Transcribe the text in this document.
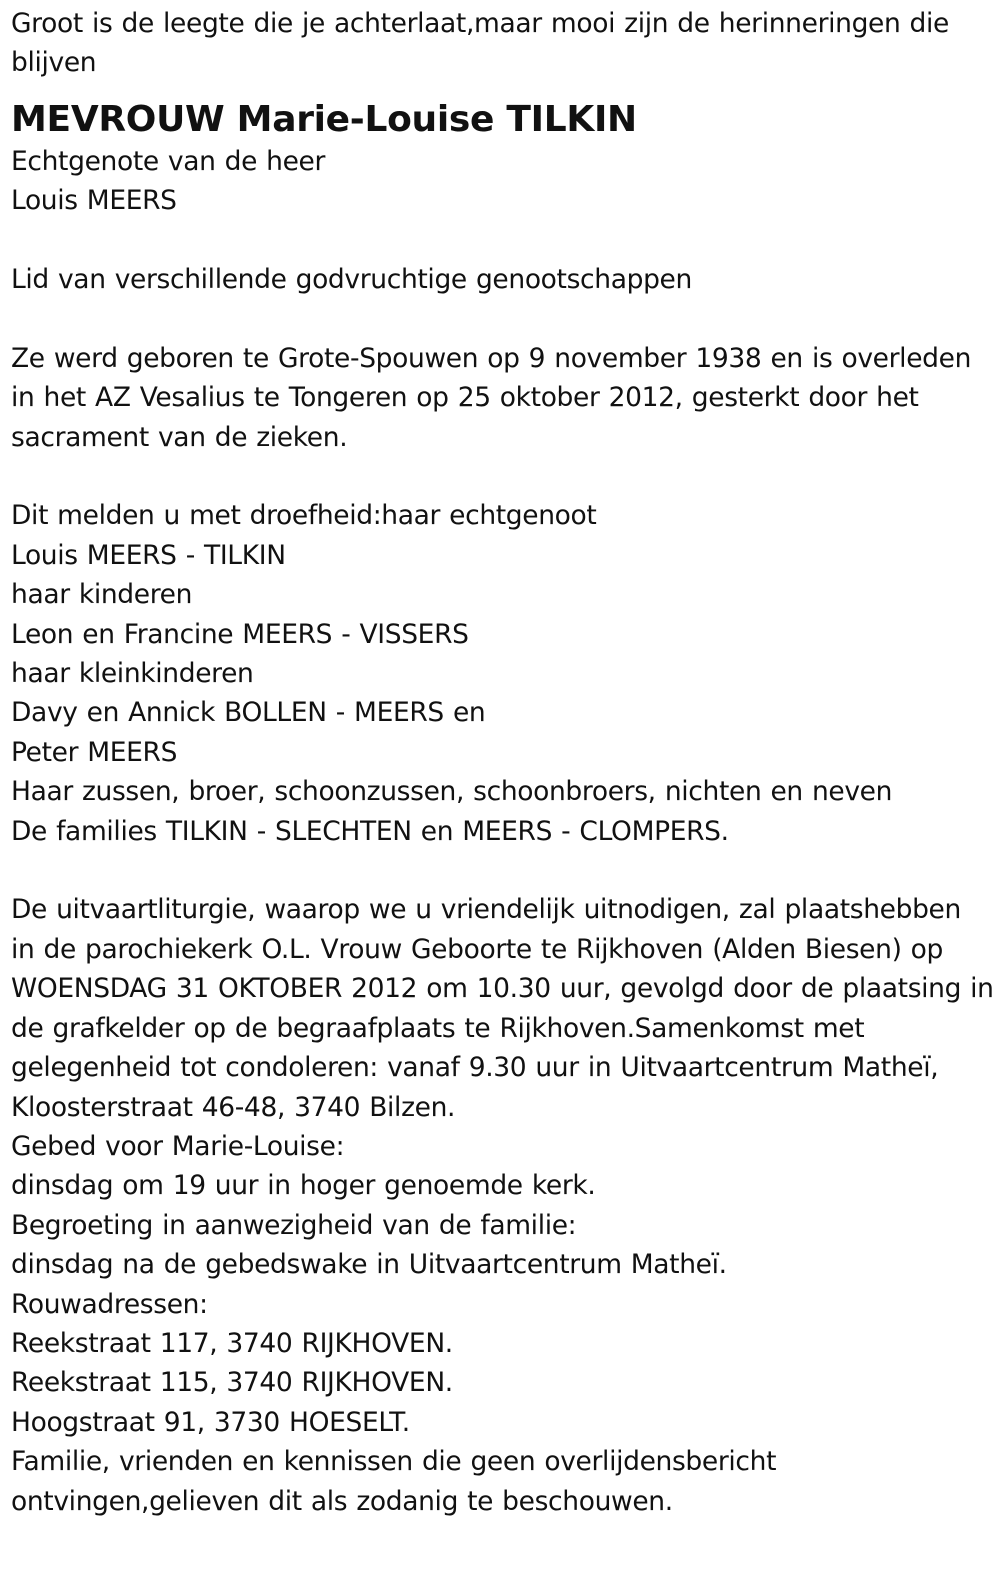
Groot is de leegte die je achterlaat,maar mooi zijn de herinneringen die
blijven
MEVROUW Marie-Louise TILKIN
Echtgenote van de heer
Louis MEERS
Lid van verschillende godvruchtige genootschappen
Ze werd geboren te Grote-Spouwen op 9 november 1938 en is overleden
in het AZ Vesalius te Tongeren op 25 oktober 2012, gesterkt door het
sacrament van de zieken.
Dit melden u met droefheid:haar echtgenoot
Louis MEERS - TILKIN
haar kinderen
Leon en Francine MEERS - VISSERS
haar kleinkinderen
Davy en Annick BOLLEN - MEERS en
Peter MEERS
Haar zussen, broer, schoonzussen, schoonbroers, nichten en neven
De families TILKIN - SLECHTEN en MEERS - CLOMPERS.
De uitvaartliturgie, waarop we u vriendelijk uitnodigen, zal plaatshebben
in de parochiekerk O.L. Vrouw Geboorte te Rijkhoven (Alden Biesen) op
WOENSDAG 31 OKTOBER 2012 om 10.30 uur, gevolgd door de plaatsing in
de grafkelder op de begraafplaats te Rijkhoven.Samenkomst met
gelegenheid tot condoleren: vanaf 9.30 uur in Uitvaartcentrum Matheï,
Kloosterstraat 46-48, 3740 Bilzen.
Gebed voor Marie-Louise:
dinsdag om 19 uur in hoger genoemde kerk.
Begroeting in aanwezigheid van de familie:
dinsdag na de gebedswake in Uitvaartcentrum Matheï.
Rouwadressen:
Reekstraat 117, 3740 RIJKHOVEN.
Reekstraat 115, 3740 RIJKHOVEN.
Hoogstraat 91, 3730 HOESELT.
Familie, vrienden en kennissen die geen overlijdensbericht
ontvingen,gelieven dit als zodanig te beschouwen.
